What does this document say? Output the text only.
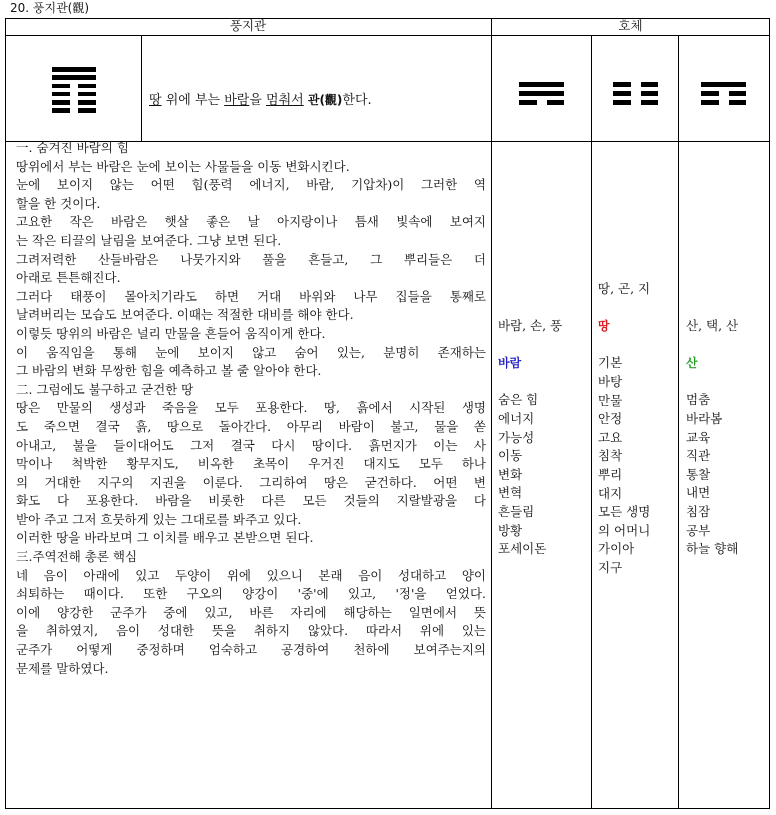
20. 풍지관(觀)
풍지관	호체
땅 위에 부는 바람을 멈춰서 관(觀)한다.
一. 숨겨진 바람의 힘
땅위에서 부는 바람은 눈에 보이는 사물들을 이동 변화시킨다.
눈에 보이지 않는 어떤 힘(풍력 에너지, 바람, 기압차)이 그러한 역
할을 한 것이다.
고요한 작은 바람은 햇살 좋은 날 아지랑이나 틈새 빛속에 보여지
는 작은 티끌의 날림을 보여준다. 그냥 보면 된다.
그려저력한 산들바람은 나뭇가지와 풀을 흔들고, 그 뿌리들은 더
아래로 튼튼해진다.
그러다 태풍이 몰아치기라도 하면 거대 바위와 나무 집들을 통째로
날려버리는 모습도 보여준다. 이때는 적절한 대비를 해야 한다.
이렇듯 땅위의 바람은 널리 만물을 흔들어 움직이게 한다.
이 움직임을 통해 눈에 보이지 않고 숨어 있는, 분명히 존재하는
그 바람의 변화 무쌍한 힘을 예측하고 볼 줄 알아야 한다.
二. 그럼에도 불구하고 굳건한 땅
땅은 만물의 생성과 죽음을 모두 포용한다. 땅, 흙에서 시작된 생명
도 죽으면 결국 흙, 땅으로 돌아간다. 아무리 바람이 불고, 물을 쏟
아내고, 불을 들이대어도 그저 결국 다시 땅이다. 흙먼지가 이는 사
막이나 척박한 황무지도, 비옥한 초목이 우거진 대지도 모두 하나
의 거대한 지구의 지권을 이룬다. 그리하여 땅은 굳건하다. 어떤 변
화도 다 포용한다. 바람을 비롯한 다른 모든 것들의 지랄발광을 다
받아 주고 그저 흐뭇하게 있는 그대로를 봐주고 있다.
이러한 땅을 바라보며 그 이치를 배우고 본받으면 된다.
三.주역전해 총론 핵심
네 음이 아래에 있고 두양이 위에 있으니 본래 음이 성대하고 양이
쇠퇴하는 때이다. 또한 구오의 양강이 '중'에 있고, '정'을 얻었다.
이에 양강한 군주가 중에 있고, 바른 자리에 해당하는 일면에서 뜻
을 취하였지, 음이 성대한 뜻을 취하지 않았다. 따라서 위에 있는
군주가 어떻게 중정하며 엄숙하고 공경하여 천하에 보여주는지의
문제를 말하였다.
바람, 손, 풍
바람
숨은 힘
에너지
가능성
이동
변화
변혁
흔들림
방황
포세이돈
땅, 곤, 지
땅
기본
바탕
만물
안정
고요
침착
뿌리
대지
모든 생명
의 어머니
가이아
지구
산, 택, 산
산
멈춤
바라봄
교육
직관
통찰
내면
침잠
공부
하늘 향해
